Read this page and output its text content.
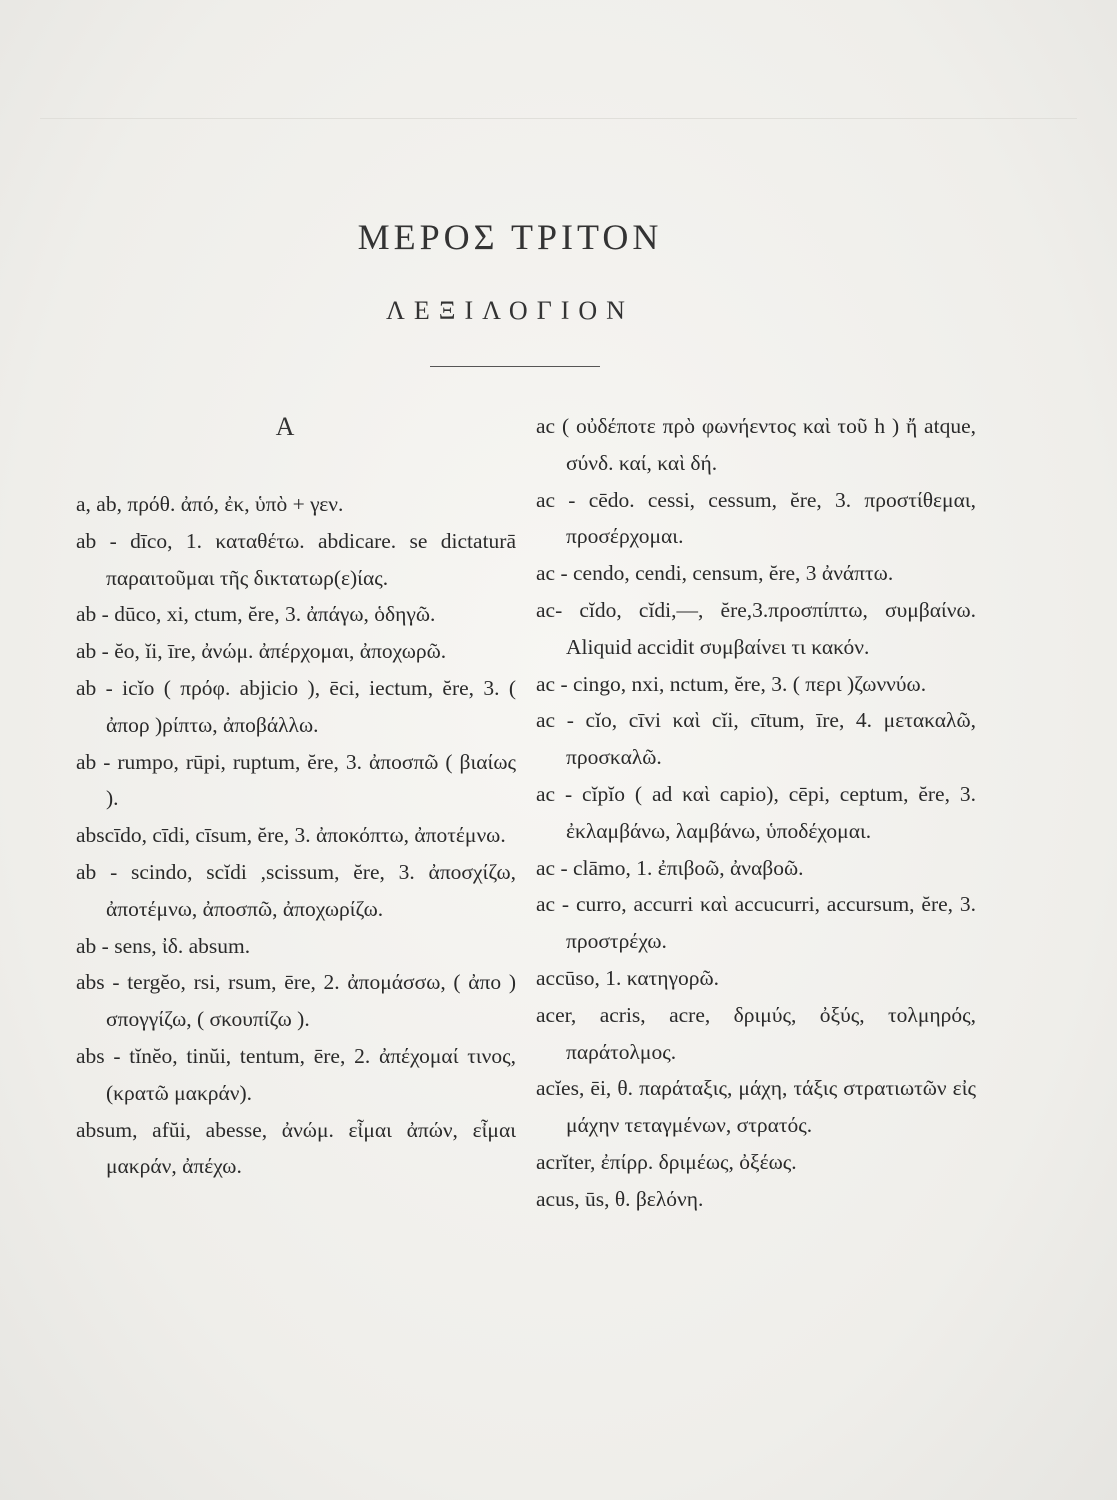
ΜΕΡΟΣ ΤΡΙΤΟΝ
ΛΕΞΙΛΟΓΙΟΝ
A

a, ab, πρόθ. ἀπό, ἐκ, ὑπὸ + γεν.

ab - dīco, 1. καταθέτω. abdicare. se dictaturā παραιτοῦμαι τῆς δικτατωρ(ε)ίας.

ab - dūco, xi, ctum, ĕre, 3. ἀπάγω, ὁδηγῶ.

ab - ĕo, ĭi, īre, ἀνώμ. ἀπέρχομαι, ἀποχωρῶ.

ab - icĭo ( πρόφ. abjicio ), ēci, iectum, ĕre, 3. ( ἀπορ )ρίπτω, ἀποβάλλω.

ab - rumpo, rūpi, ruptum, ĕre, 3. ἀποσπῶ ( βιαίως ).

abscīdo, cīdi, cīsum, ĕre, 3. ἀποκόπτω, ἀποτέμνω.

ab - scindo, scĭdi ,scissum, ĕre, 3. ἀποσχίζω, ἀποτέμνω, ἀποσπῶ, ἀποχωρίζω.

ab - sens, ἰδ. absum.

abs - tergĕo, rsi, rsum, ēre, 2. ἀπομάσσω, ( ἀπο ) σπογγίζω, ( σκουπίζω ).

abs - tĭnĕo, tinŭi, tentum, ēre, 2. ἀπέχομαί τινος, (κρατῶ μακράν).

absum, afŭi, abesse, ἀνώμ. εἶμαι ἀπών, εἶμαι μακράν, ἀπέχω.

ac ( οὐδέποτε πρὸ φωνήεντος καὶ τοῦ h ) ἤ atque, σύνδ. καί, καὶ δή.

ac - cēdo. cessi, cessum, ĕre, 3. προστίθεμαι, προσέρχομαι.

ac - cendo, cendi, censum, ĕre, 3 ἀνάπτω.

ac- cĭdo, cĭdi,—, ĕre,3.προσπίπτω, συμβαίνω. Aliquid accidit συμβαίνει τι κακόν.

ac - cingo, nxi, nctum, ĕre, 3. ( περι )ζωννύω.

ac - cĭo, cīvi καὶ cĭi, cītum, īre, 4. μετακαλῶ, προσκαλῶ.

ac - cĭpĭo ( ad καὶ capio), cēpi, ceptum, ĕre, 3. ἐκλαμβάνω, λαμβάνω, ὑποδέχομαι.

ac - clāmo, 1. ἐπιβοῶ, ἀναβοῶ.

ac - curro, accurri καὶ accucurri, accursum, ĕre, 3. προστρέχω.

accūso, 1. κατηγορῶ.

acer, acris, acre, δριμύς, ὀξύς, τολμηρός, παράτολμος.

acĭes, ēi, θ. παράταξις, μάχη, τάξις στρατιωτῶν εἰς μάχην τεταγμένων, στρατός.

acrĭter, ἐπίρρ. δριμέως, ὀξέως.

acus, ūs, θ. βελόνη.
